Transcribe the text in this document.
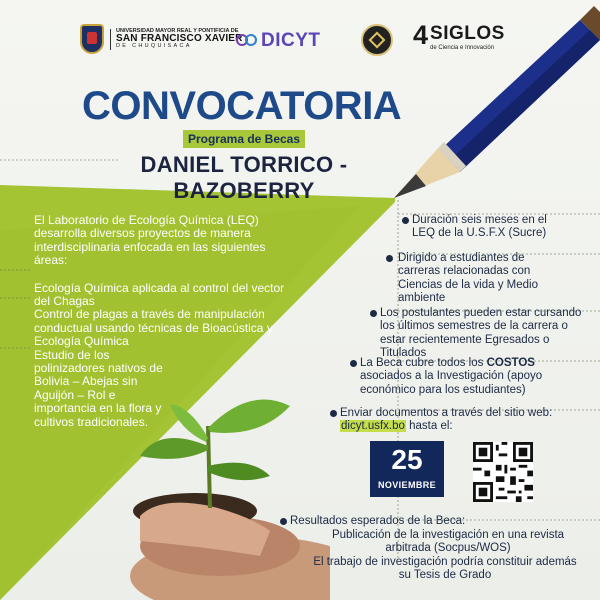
UNIVERSIDAD MAYOR REAL Y PONTIFICIA DE
SAN FRANCISCO XAVIER
DE CHUQUISACA	DICYT	4 SIGLOS
de Ciencia e Innovación
CONVOCATORIA
Programa de Becas
DANIEL TORRICO - BAZOBERRY

El Laboratorio de Ecología Química (LEQ) desarrolla diversos proyectos de manera interdisciplinaria enfocada en las siguientes áreas:

Ecología Química aplicada al control del vector del Chagas

Control de plagas a través de manipulación conductual usando técnicas de Bioacústica y Ecología Química

Estudio de los polinizadores nativos de Bolivia – Abejas sin Aguijón – Rol e importancia en la flora y cultivos tradicionales.

Duración seis meses en el LEQ de la U.S.F.X (Sucre)

Dirigido a estudiantes de carreras relacionadas con Ciencias de la vida y Medio ambiente

Los postulantes pueden estar cursando los últimos semestres de la carrera o estar recientemente Egresados o Titulados

La Beca cubre todos los COSTOS asociados a la Investigación (apoyo económico para los estudiantes)

Enviar documentos a través del sitio web:
dicyt.usfx.bo hasta el:

25
NOVIEMBRE

Resultados esperados de la Beca:

Publicación de la investigación en una revista arbitrada (Socpus/WOS)

El trabajo de investigación podría constituir además su Tesis de Grado
